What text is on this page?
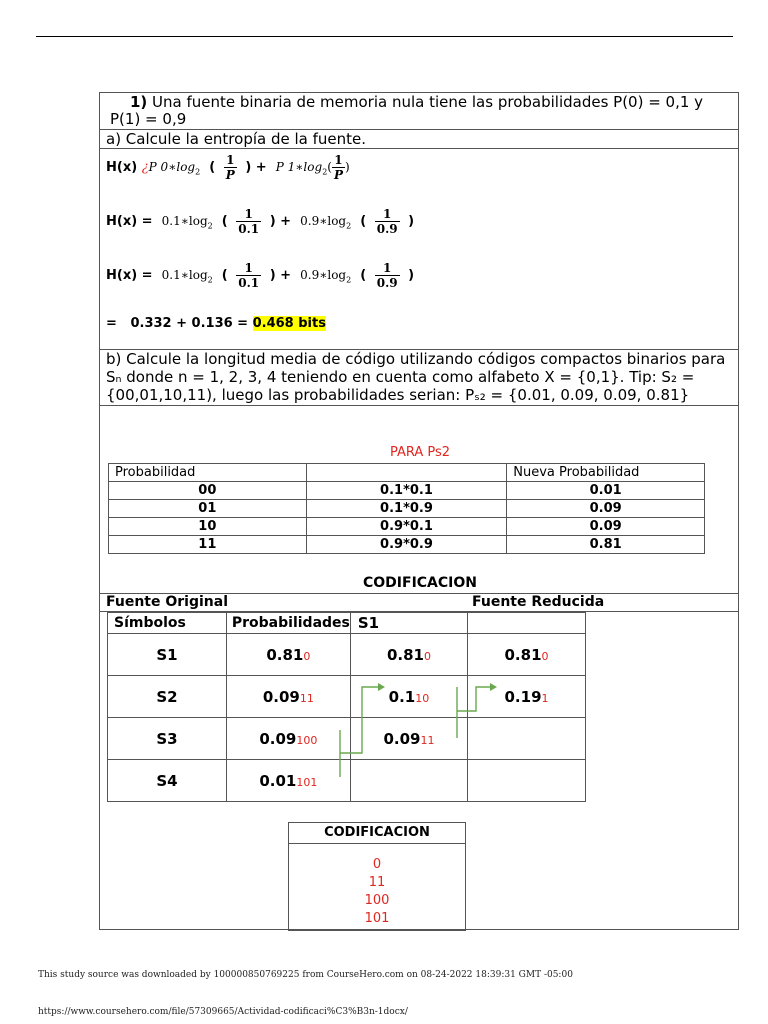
1) Una fuente binaria de memoria nula tiene las probabilidades P(0) = 0,1 y
P(1) = 0,9
a) Calcule la entropía de la fuente.
H(x) ¿P $0∗\log_2$ ( $\frac{1}{P}$ ) + P $1∗\log_2( \frac{1}{P}$ )
$H(x) = 0.1∗\log_2$ ( $\frac{1}{0.1}$ ) + $0.9∗\log_2$ ( $\frac{1}{0.9}$ )
$H(x) = 0.1∗\log_2$ ( $\frac{1}{0.1}$ ) + $0.9∗\log_2$ ( $\frac{1}{0.9}$ )
=   0.332 + 0.136 = 0.468 bits
b) Calcule la longitud media de código utilizando códigos compactos binarios para
Sₙ donde n = 1, 2, 3, 4 teniendo en cuenta como alfabeto X = {0,1}. Tip: S₂ =
{00,01,10,11), luego las probabilidades serian: Pₛ₂ = {0.01, 0.09, 0.09, 0.81}
PARA Ps2
Probabilidad		Nueva Probabilidad
00	0.1*0.1	0.01
01	0.1*0.9	0.09
10	0.9*0.1	0.09
11	0.9*0.9	0.81
CODIFICACION
Fuente Original	Fuente Reducida
Símbolos	Probabilidades	S1	
S1	0.810	0.810	0.810
S2	0.0911	0.110	0.191
S3	0.09100	0.0911	
S4	0.01101		
CODIFICACION
0
11
100
101
This study source was downloaded by 100000850769225 from CourseHero.com on 08-24-2022 18:39:31 GMT -05:00
https://www.coursehero.com/file/57309665/Actividad-codificaci%C3%B3n-1docx/
